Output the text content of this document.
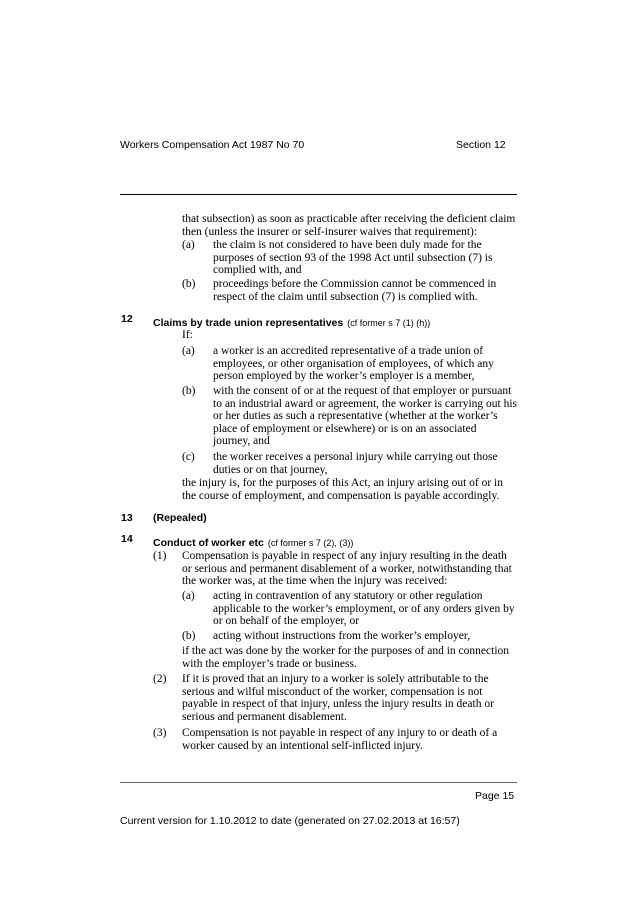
Workers Compensation Act 1987 No 70	Section 12
that subsection) as soon as practicable after receiving the deficient claim
then (unless the insurer or self-insurer waives that requirement):
(a) the claim is not considered to have been duly made for the
purposes of section 93 of the 1998 Act until subsection (7) is
complied with, and
(b) proceedings before the Commission cannot be commenced in
respect of the claim until subsection (7) is complied with.
12 Claims by trade union representatives (cf former s 7 (1) (h))
If:
(a) a worker is an accredited representative of a trade union of
employees, or other organisation of employees, of which any
person employed by the worker’s employer is a member,
(b) with the consent of or at the request of that employer or pursuant
to an industrial award or agreement, the worker is carrying out his
or her duties as such a representative (whether at the worker’s
place of employment or elsewhere) or is on an associated
journey, and
(c) the worker receives a personal injury while carrying out those
duties or on that journey,
the injury is, for the purposes of this Act, an injury arising out of or in
the course of employment, and compensation is payable accordingly.
13 (Repealed)
14 Conduct of worker etc (cf former s 7 (2), (3))
(1) Compensation is payable in respect of any injury resulting in the death
or serious and permanent disablement of a worker, notwithstanding that
the worker was, at the time when the injury was received:
(a) acting in contravention of any statutory or other regulation
applicable to the worker’s employment, or of any orders given by
or on behalf of the employer, or
(b) acting without instructions from the worker’s employer,
if the act was done by the worker for the purposes of and in connection
with the employer’s trade or business.
(2) If it is proved that an injury to a worker is solely attributable to the
serious and wilful misconduct of the worker, compensation is not
payable in respect of that injury, unless the injury results in death or
serious and permanent disablement.
(3) Compensation is not payable in respect of any injury to or death of a
worker caused by an intentional self-inflicted injury.
Page 15
Current version for 1.10.2012 to date (generated on 27.02.2013 at 16:57)
